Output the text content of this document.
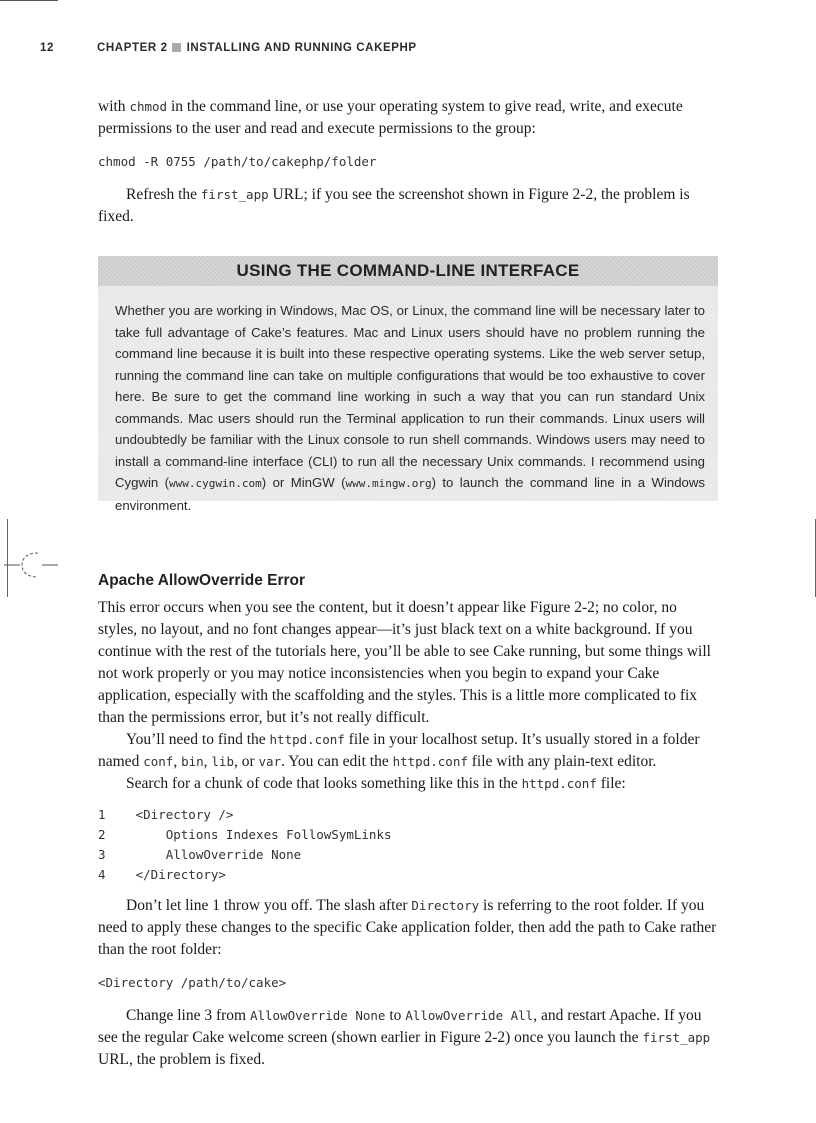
12	CHAPTER 2 INSTALLING AND RUNNING CAKEPHP

with chmod in the command line, or use your operating system to give read, write, and execute permissions to the user and read and execute permissions to the group:

chmod -R 0755 /path/to/cakephp/folder

Refresh the first_app URL; if you see the screenshot shown in Figure 2-2, the problem is fixed.

USING THE COMMAND-LINE INTERFACE
Whether you are working in Windows, Mac OS, or Linux, the command line will be necessary later to take full advantage of Cake’s features. Mac and Linux users should have no problem running the command line because it is built into these respective operating systems. Like the web server setup, running the command line can take on multiple configurations that would be too exhaustive to cover here. Be sure to get the command line working in such a way that you can run standard Unix commands. Mac users should run the Terminal application to run their commands. Linux users will undoubtedly be familiar with the Linux console to run shell commands. Windows users may need to install a command-line interface (CLI) to run all the necessary Unix commands. I recommend using Cygwin (www.cygwin.com) or MinGW (www.mingw.org) to launch the command line in a Windows environment.
Apache AllowOverride Error

This error occurs when you see the content, but it doesn’t appear like Figure 2-2; no color, no styles, no layout, and no font changes appear—it’s just black text on a white background. If you continue with the rest of the tutorials here, you’ll be able to see Cake running, but some things will not work properly or you may notice inconsistencies when you begin to expand your Cake application, especially with the scaffolding and the styles. This is a little more complicated to fix than the permissions error, but it’s not really difficult.

You’ll need to find the httpd.conf file in your localhost setup. It’s usually stored in a folder named conf, bin, lib, or var. You can edit the httpd.conf file with any plain-text editor.

Search for a chunk of code that looks something like this in the httpd.conf file:

1    <Directory />
2        Options Indexes FollowSymLinks
3        AllowOverride None
4    </Directory>

Don’t let line 1 throw you off. The slash after Directory is referring to the root folder. If you need to apply these changes to the specific Cake application folder, then add the path to Cake rather than the root folder:

<Directory /path/to/cake>

Change line 3 from AllowOverride None to AllowOverride All, and restart Apache. If you see the regular Cake welcome screen (shown earlier in Figure 2-2) once you launch the first_app URL, the problem is fixed.
